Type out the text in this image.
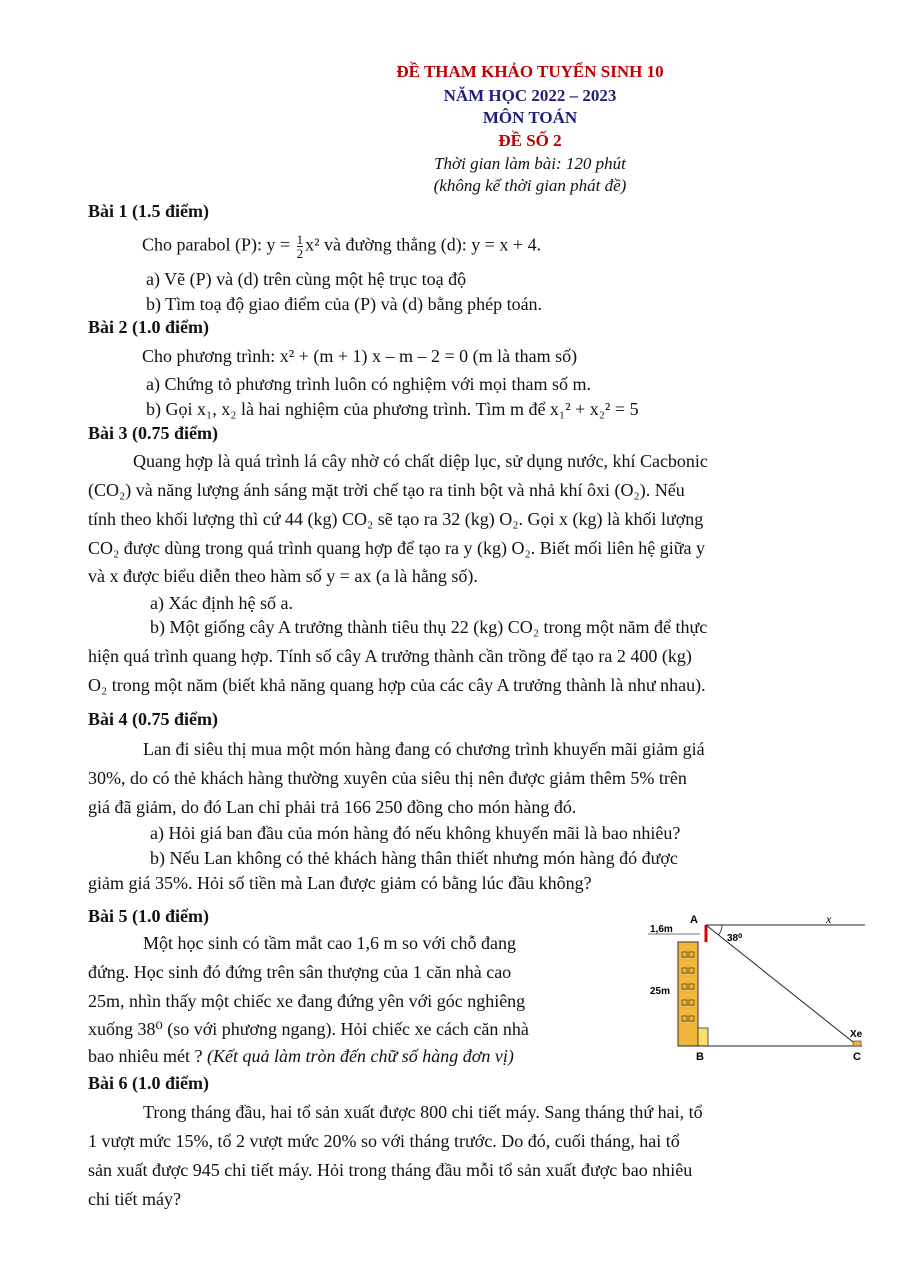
ĐỀ THAM KHẢO TUYỂN SINH 10
NĂM HỌC 2022 – 2023
MÔN TOÁN
ĐỀ SỐ 2
Thời gian làm bài: 120 phút
(không kể thời gian phát đề)
Bài 1 (1.5 điểm)
Cho parabol (P): $y = \frac{1}{2} x^2$ và đường thẳng (d): y = x + 4.
a) Vẽ (P) và (d) trên cùng một hệ trục toạ độ
b) Tìm toạ độ giao điểm của (P) và (d) bằng phép toán.
Bài 2 (1.0 điểm)
Cho phương trình: x² + (m + 1) x – m – 2 = 0 (m là tham số)
a) Chứng tỏ phương trình luôn có nghiệm với mọi tham số m.
b) Gọi x₁, x₂ là hai nghiệm của phương trình. Tìm m để x₁² + x₂² = 5
Bài 3 (0.75 điểm)
Quang hợp là quá trình lá cây nhờ có chất diệp lục, sử dụng nước, khí Cacbonic
(CO₂) và năng lượng ánh sáng mặt trời chế tạo ra tinh bột và nhả khí ôxi (O₂). Nếu
tính theo khối lượng thì cứ 44 (kg) CO₂ sẽ tạo ra 32 (kg) O₂. Gọi x (kg) là khối lượng
CO₂ được dùng trong quá trình quang hợp để tạo ra y (kg) O₂. Biết mối liên hệ giữa y
và x được biểu diễn theo hàm số y = ax (a là hằng số).
a) Xác định hệ số a.
b) Một giống cây A trưởng thành tiêu thụ 22 (kg) CO₂ trong một năm để thực
hiện quá trình quang hợp. Tính số cây A trưởng thành cần trồng để tạo ra 2 400 (kg)
O₂ trong một năm (biết khả năng quang hợp của các cây A trưởng thành là như nhau).
Bài 4 (0.75 điểm)
Lan đi siêu thị mua một món hàng đang có chương trình khuyến mãi giảm giá
30%, do có thẻ khách hàng thường xuyên của siêu thị nên được giảm thêm 5% trên
giá đã giảm, do đó Lan chỉ phải trả 166 250 đồng cho món hàng đó.
a) Hỏi giá ban đầu của món hàng đó nếu không khuyến mãi là bao nhiêu?
b) Nếu Lan không có thẻ khách hàng thân thiết nhưng món hàng đó được
giảm giá 35%. Hỏi số tiền mà Lan được giảm có bằng lúc đầu không?
Bài 5 (1.0 điểm)
Một học sinh có tầm mắt cao 1,6 m so với chỗ đang
đứng. Học sinh đó đứng trên sân thượng của 1 căn nhà cao
25m, nhìn thấy một chiếc xe đang đứng yên với góc nghiêng
xuống 38⁰ (so với phương ngang). Hỏi chiếc xe cách căn nhà
bao nhiêu mét ? (Kết quả làm tròn đến chữ số hàng đơn vị)
A	x
1,6m
38⁰
25m
Xe
B	C
Bài 6 (1.0 điểm)
Trong tháng đầu, hai tổ sản xuất được 800 chi tiết máy. Sang tháng thứ hai, tổ
1 vượt mức 15%, tổ 2 vượt mức 20% so với tháng trước. Do đó, cuối tháng, hai tổ
sản xuất được 945 chi tiết máy. Hỏi trong tháng đầu mỗi tổ sản xuất được bao nhiêu
chi tiết máy?
